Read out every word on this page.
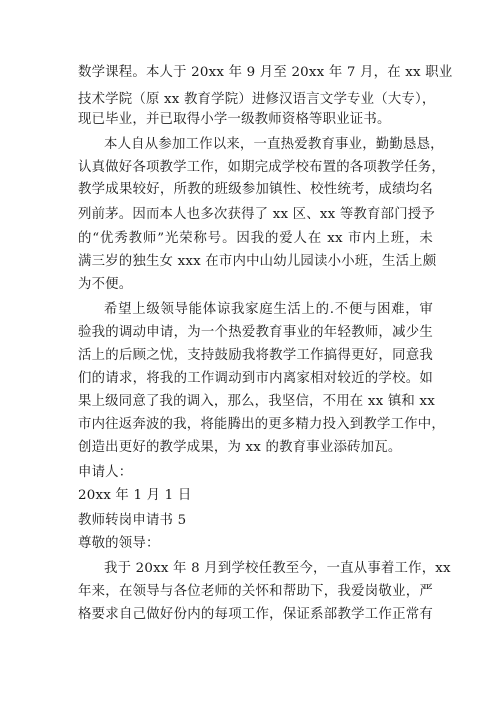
数学课程。本人于 20xx 年 9 月至 20xx 年 7 月，在 xx 职业
技术学院（原 xx 教育学院）进修汉语言文学专业（大专），
现已毕业，并已取得小学一级教师资格等职业证书。
本人自从参加工作以来，一直热爱教育事业，勤勤恳恳，
认真做好各项教学工作，如期完成学校布置的各项教学任务，
教学成果较好，所教的班级参加镇性、校性统考，成绩均名
列前茅。因而本人也多次获得了 xx 区、xx 等教育部门授予
的“优秀教师”光荣称号。因我的爱人在 xx 市内上班，未
满三岁的独生女 xxx 在市内中山幼儿园读小小班，生活上颇
为不便。
希望上级领导能体谅我家庭生活上的.不便与困难，审
验我的调动申请，为一个热爱教育事业的年轻教师，减少生
活上的后顾之忧，支持鼓励我将教学工作搞得更好，同意我
们的请求，将我的工作调动到市内离家相对较近的学校。如
果上级同意了我的调入，那么，我坚信，不用在 xx 镇和 xx
市内往返奔波的我，将能腾出的更多精力投入到教学工作中，
创造出更好的教学成果，为 xx 的教育事业添砖加瓦。
申请人：
20xx 年 1 月 1 日
教师转岗申请书 5
尊敬的领导：
我于 20xx 年 8 月到学校任教至今，一直从事着工作，xx
年来，在领导与各位老师的关怀和帮助下，我爱岗敬业，严
格要求自己做好份内的每项工作，保证系部教学工作正常有
